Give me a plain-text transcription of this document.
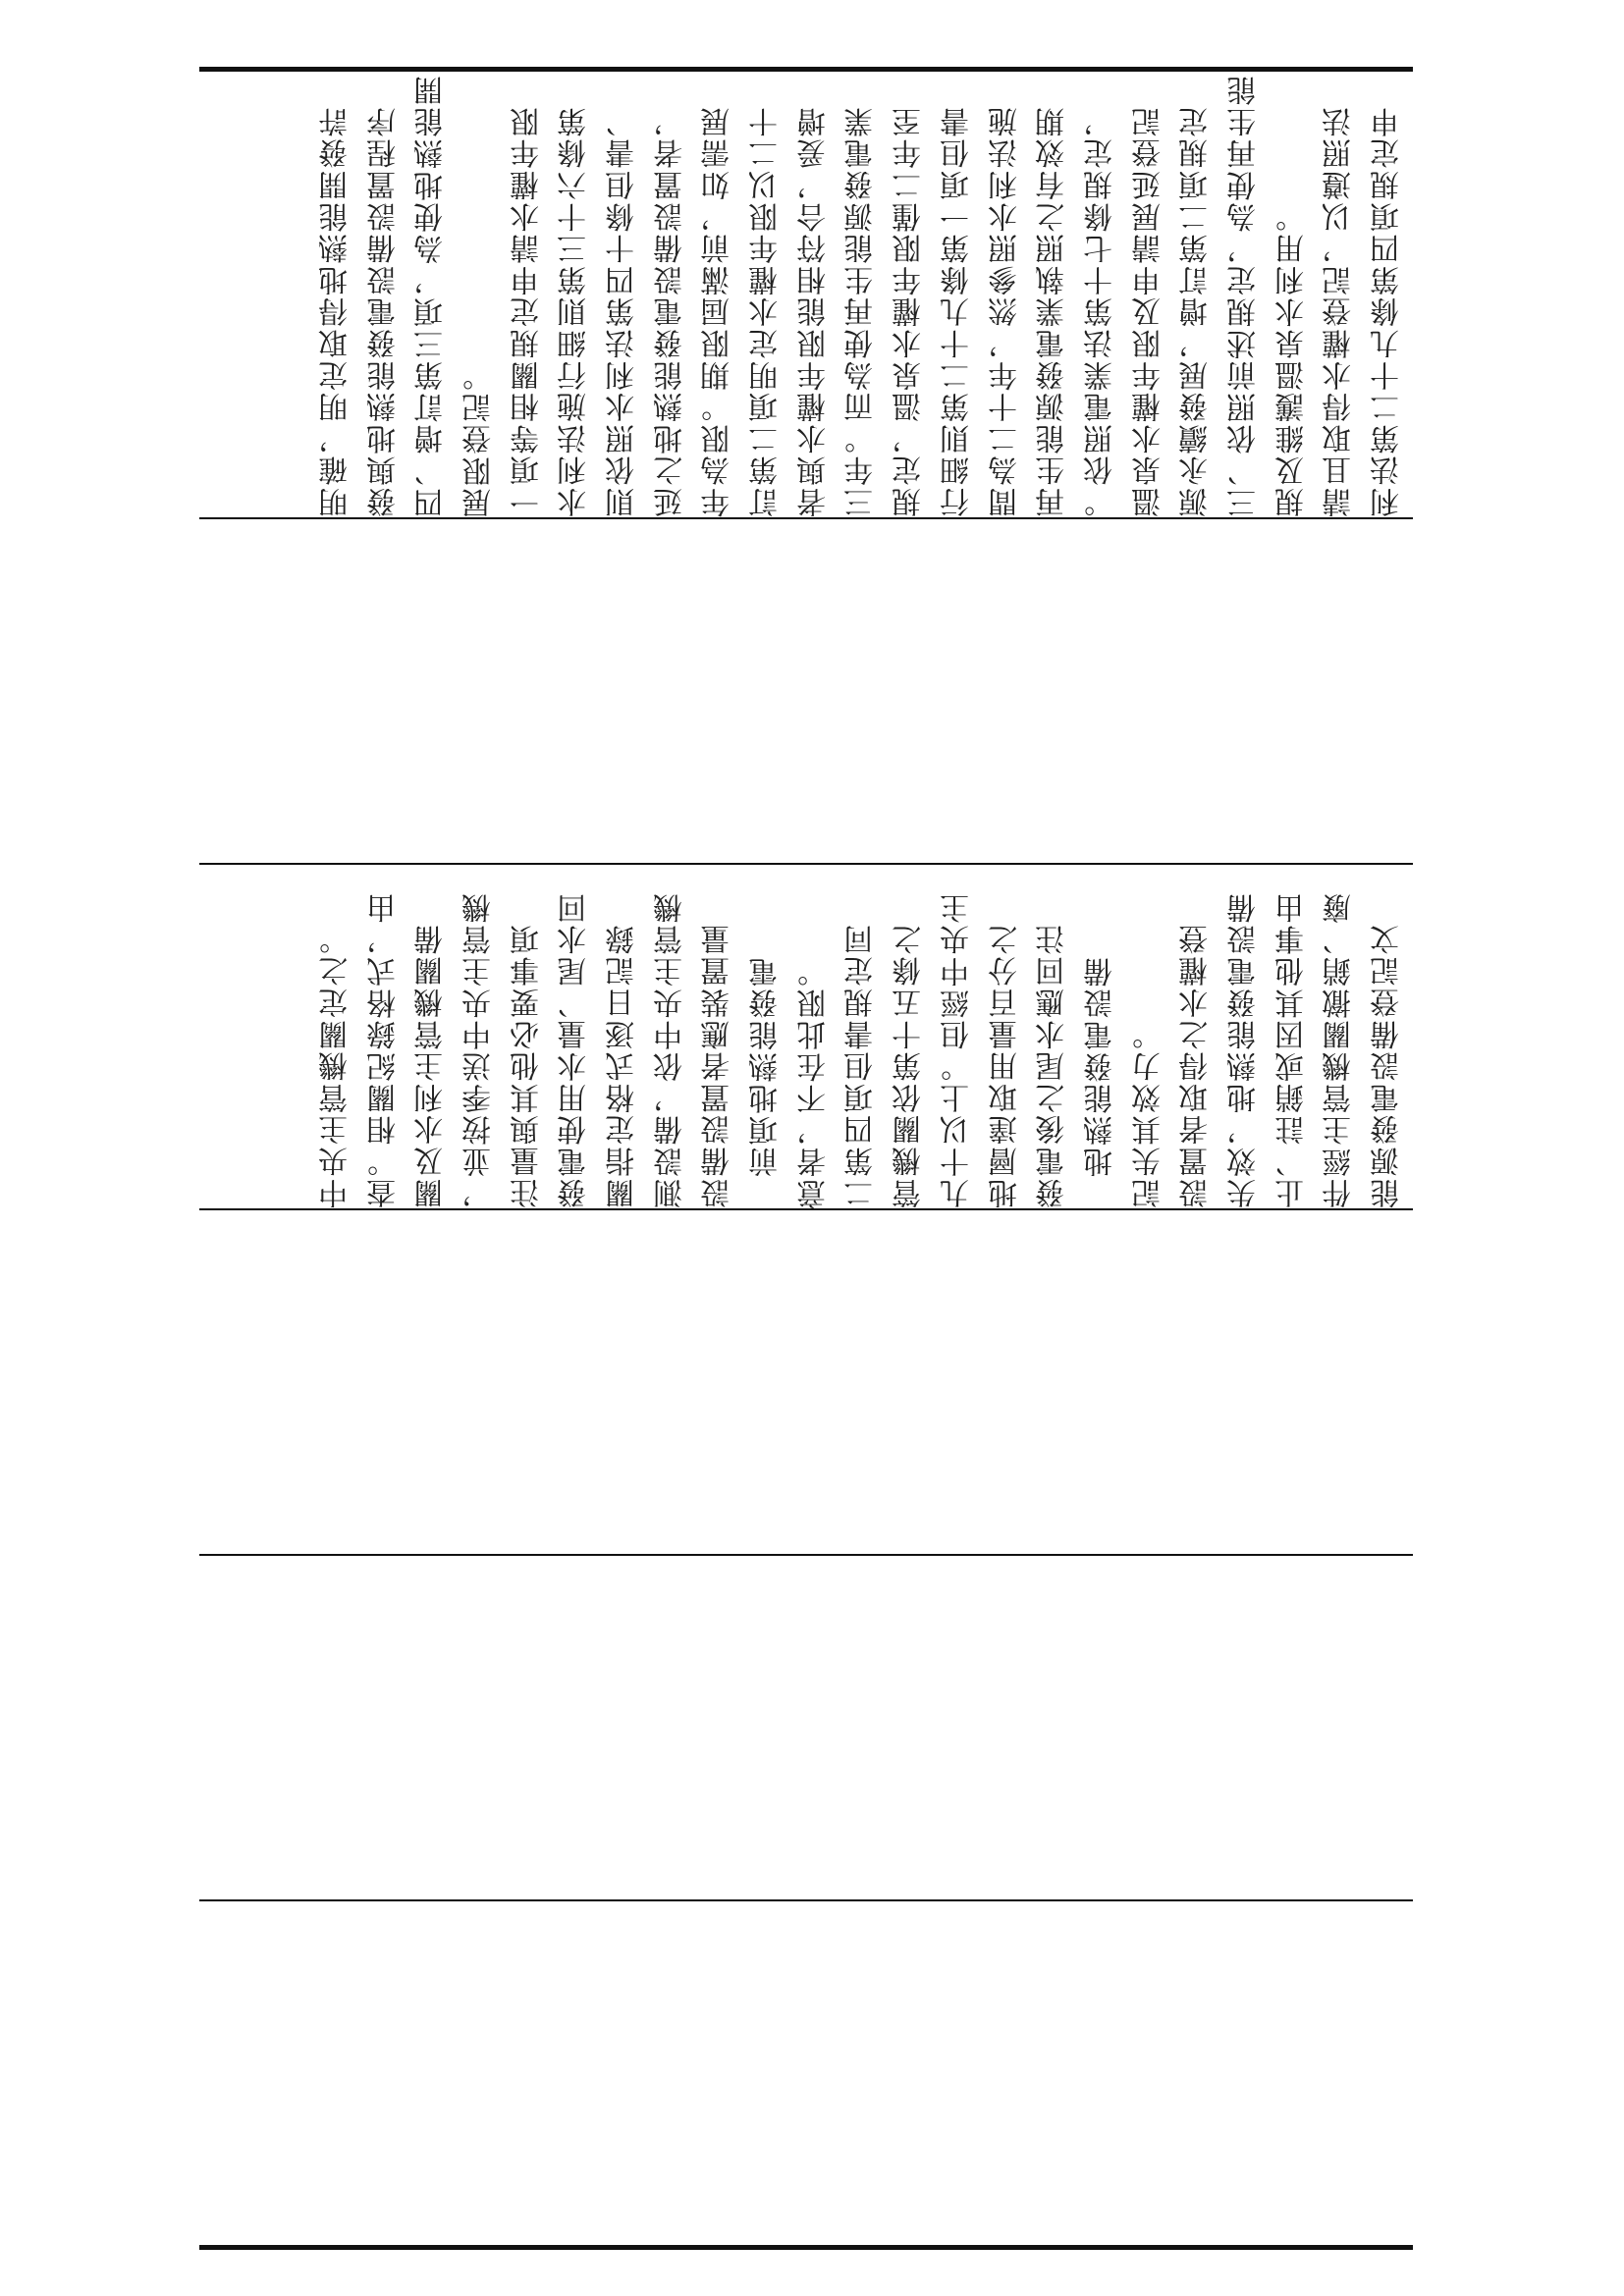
利法第二十九條第四項規定申
請且取得水權登記，以遵照法
規及維護溫泉水利用。
三、依照前述規定，為使再生能
源永續發展，增訂第二項規定
溫泉水權年限及申請展延登記
。依照電業法第十七條規定，
再生能源發電業執照之有效期
間為二十年，然參照水利法施
行細則第二十九條第一項但書
規定，溫泉水權年限僅二年至
三年。而為使再生能源發電業
者與水權年限能相符合，爰增
訂第二項明定水權年限以二十
年為限。期限屆滿前，如需展
延之地熱能發電設備設置者，
則依照水利法第四十條但書、
水利法施行細則第三十六條第
一項等相關規定申請水權年限
展限登記。
四、增訂第三項，為使地熱能開
發與地熱能發電設備設置程序
明確，明定取得地熱能開發許
能源發電設備登記文
件經主管機關撤銷、廢
止、註銷或因其他事由
失效，地熱能發電設備
設置者取得之水權登
記失其效力。
　地熱能發電設備
發電後之尾水應回注
地層達取用量百分之
九十以上。但經中央主
管機關依第十五條之
二第四項但書規定同
意者，不在此限。
　前項地熱能發電
設備設置者應裝置量
測設備，依中央主管機
關指定格式逐日記錄
發電使用水量、尾水回
注量與其他必要事項
，並按季送中央主管機
關及水利主管機關備
查。相關紀錄格式，由
中央主管機關定之。
